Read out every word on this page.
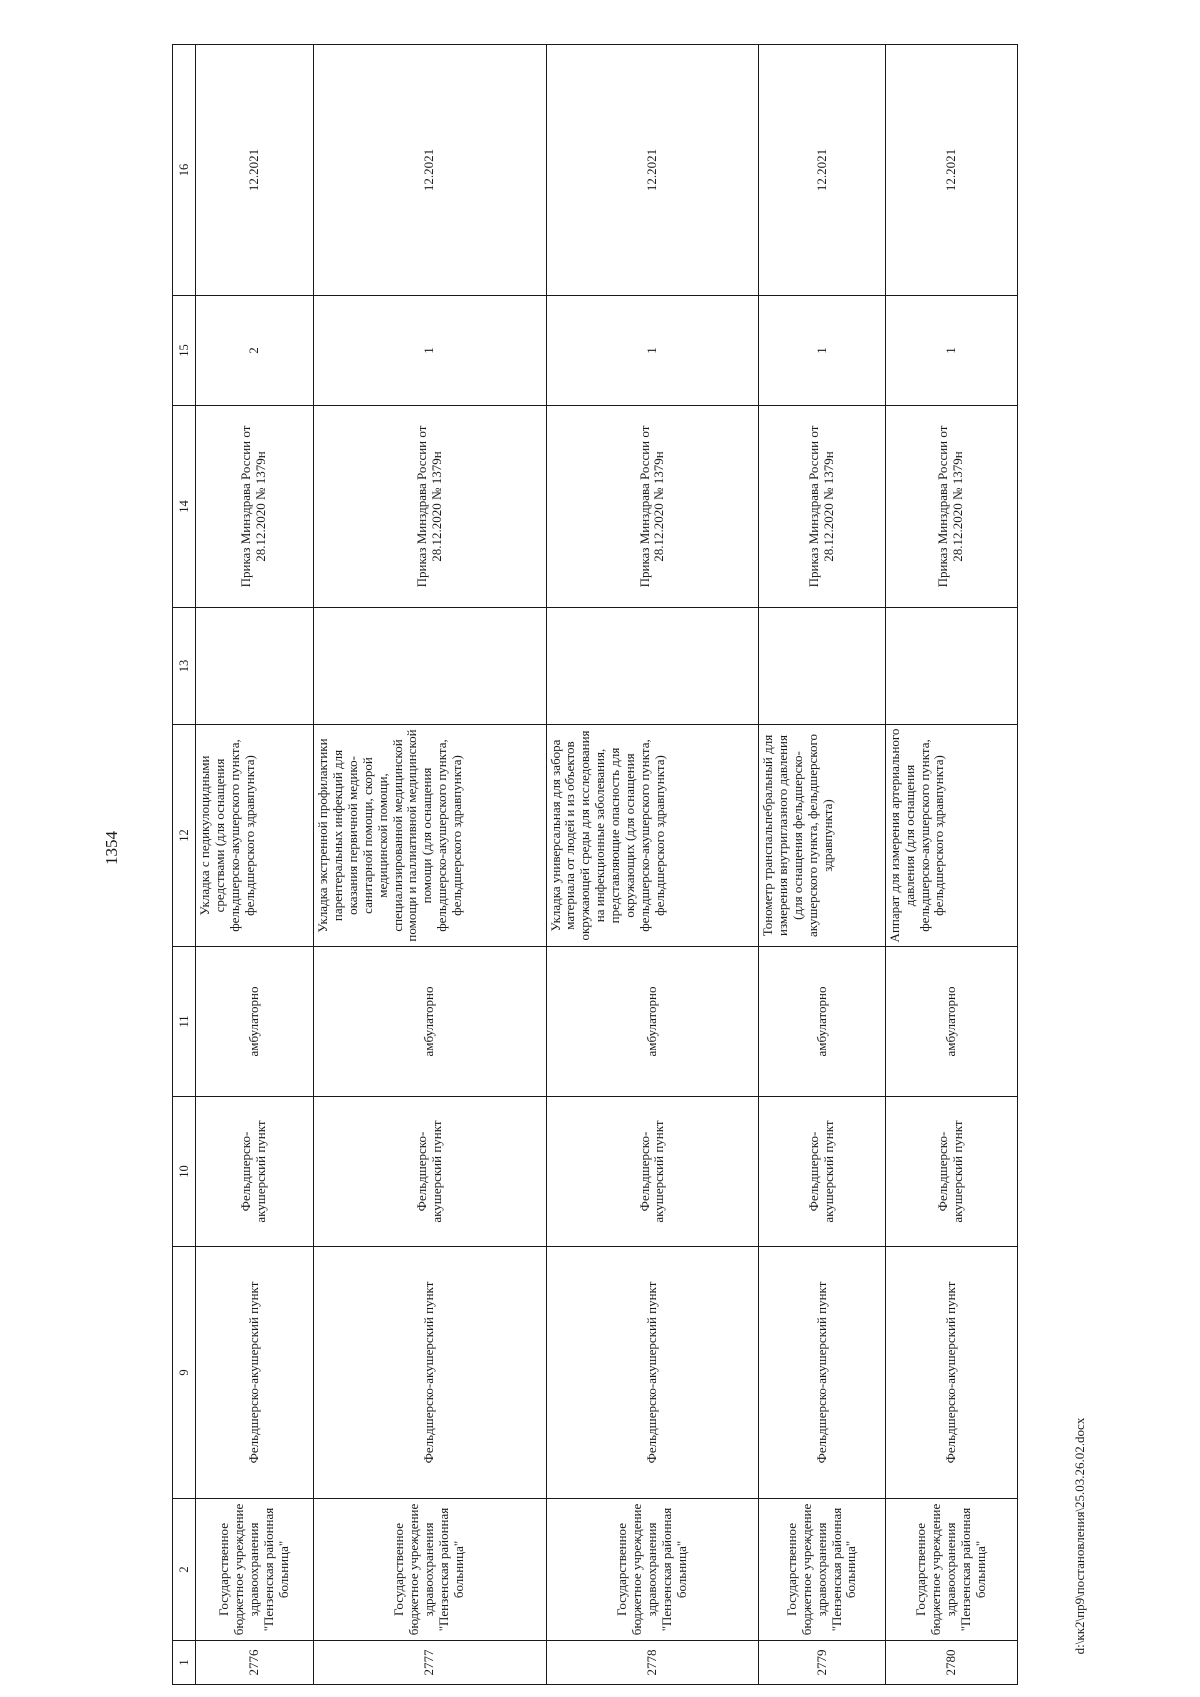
1354
1	2	9	10	11	12	13	14	15	16
2776	Государственное бюджетное учреждение здравоохранения "Пензенская районная больница"	Фельдшерско-акушерский пункт	Фельдшерско-акушерский пункт	амбулаторно	Укладка с педикулоцидными средствами (для оснащения фельдшерско-акушерского пункта, фельдшерского здравпункта)		Приказ Минздрава России от 28.12.2020 № 1379н	2	12.2021
2777	Государственное бюджетное учреждение здравоохранения "Пензенская районная больница"	Фельдшерско-акушерский пункт	Фельдшерско-акушерский пункт	амбулаторно	Укладка экстренной профилактики парентеральных инфекций для оказания первичной медико-санитарной помощи, скорой медицинской помощи, специализированной медицинской помощи и паллиативной медицинской помощи (для оснащения фельдшерско-акушерского пункта, фельдшерского здравпункта)		Приказ Минздрава России от 28.12.2020 № 1379н	1	12.2021
2778	Государственное бюджетное учреждение здравоохранения "Пензенская районная больница"	Фельдшерско-акушерский пункт	Фельдшерско-акушерский пункт	амбулаторно	Укладка универсальная для забора материала от людей и из объектов окружающей среды для исследования на инфекционные заболевания, представляющие опасность для окружающих (для оснащения фельдшерско-акушерского пункта, фельдшерского здравпункта)		Приказ Минздрава России от 28.12.2020 № 1379н	1	12.2021
2779	Государственное бюджетное учреждение здравоохранения "Пензенская районная больница"	Фельдшерско-акушерский пункт	Фельдшерско-акушерский пункт	амбулаторно	Тонометр транспальпебральный для измерения внутриглазного давления (для оснащения фельдшерско-акушерского пункта, фельдшерского здравпункта)		Приказ Минздрава России от 28.12.2020 № 1379н	1	12.2021
2780	Государственное бюджетное учреждение здравоохранения "Пензенская районная больница"	Фельдшерско-акушерский пункт	Фельдшерско-акушерский пункт	амбулаторно	Аппарат для измерения артериального давления (для оснащения фельдшерско-акушерского пункта, фельдшерского здравпункта)		Приказ Минздрава России от 28.12.2020 № 1379н	1	12.2021
d:\кк2\пр9\постановления\25.03.26.02.docx
